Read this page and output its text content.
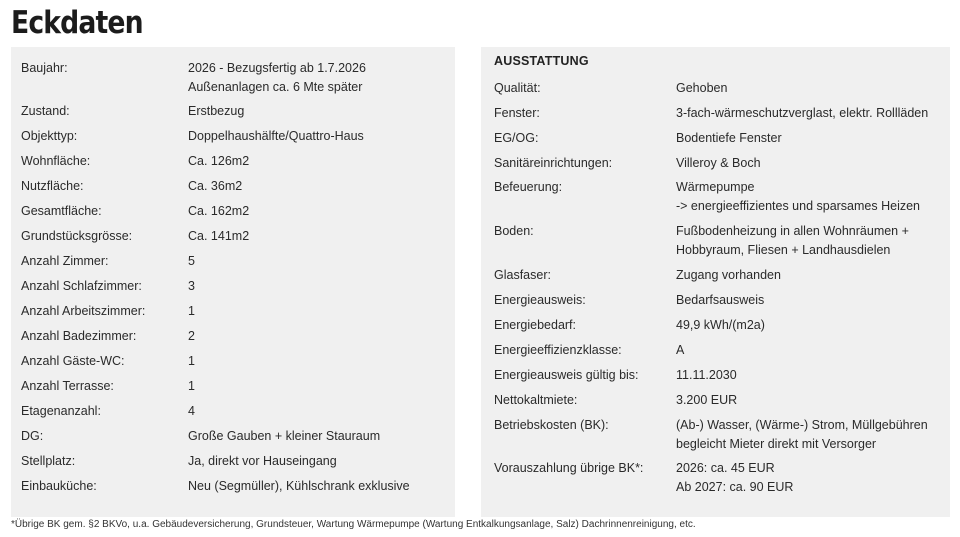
Eckdaten
Baujahr:	2026 - Bezugsfertig ab 1.7.2026
Außenanlagen ca. 6 Mte später
Zustand:	Erstbezug
Objekttyp:	Doppelhaushälfte/Quattro-Haus
Wohnfläche:	Ca. 126m2
Nutzfläche:	Ca. 36m2
Gesamtfläche:	Ca. 162m2
Grundstücksgrösse:	Ca. 141m2
Anzahl Zimmer:	5
Anzahl Schlafzimmer:	3
Anzahl Arbeitszimmer:	1
Anzahl Badezimmer:	2
Anzahl Gäste-WC:	1
Anzahl Terrasse:	1
Etagenanzahl:	4
DG:	Große Gauben + kleiner Stauraum
Stellplatz:	Ja, direkt vor Hauseingang
Einbauküche:	Neu (Segmüller), Kühlschrank exklusive
AUSSTATTUNG
Qualität:	Gehoben
Fenster:	3-fach-wärmeschutzverglast, elektr. Rollläden
EG/OG:	Bodentiefe Fenster
Sanitäreinrichtungen:	Villeroy & Boch
Befeuerung:	Wärmepumpe
-> energieeffizientes und sparsames Heizen
Boden:	Fußbodenheizung in allen Wohnräumen +
Hobbyraum, Fliesen + Landhausdielen
Glasfaser:	Zugang vorhanden
Energieausweis:	Bedarfsausweis
Energiebedarf:	49,9 kWh/(m2a)
Energieeffizienzklasse:	A
Energieausweis gültig bis:	11.11.2030
Nettokaltmiete:	3.200 EUR
Betriebskosten (BK):	(Ab-) Wasser, (Wärme-) Strom, Müllgebühren
begleicht Mieter direkt mit Versorger
Vorauszahlung übrige BK*:	2026: ca. 45 EUR
Ab 2027: ca. 90 EUR
*Übrige BK gem. §2 BKVo, u.a. Gebäudeversicherung, Grundsteuer, Wartung Wärmepumpe (Wartung Entkalkungsanlage, Salz) Dachrinnenreinigung, etc.
